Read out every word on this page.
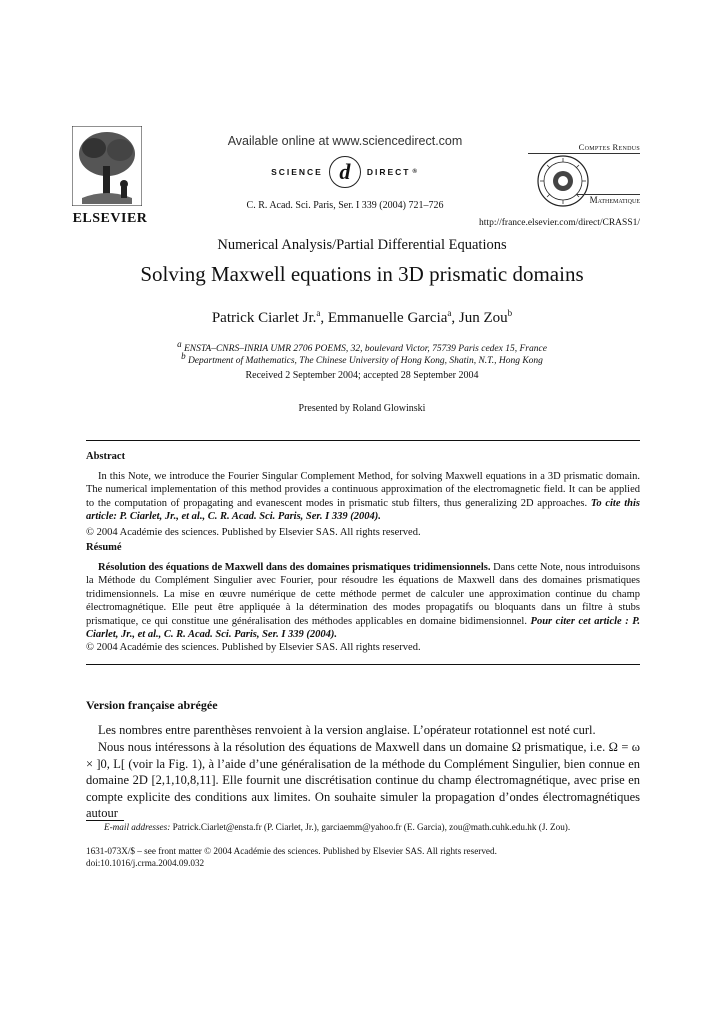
ELSEVIER
Available online at www.sciencedirect.com
SCIENCE d DIRECT ®
C. R. Acad. Sci. Paris, Ser. I 339 (2004) 721–726
Comptes Rendus
Mathematique
http://france.elsevier.com/direct/CRASS1/
Numerical Analysis/Partial Differential Equations
Solving Maxwell equations in 3D prismatic domains
Patrick Ciarlet Jr.$^a$, Emmanuelle Garcia$^a$, Jun Zou$^b$
$^a$ ENSTA–CNRS–INRIA UMR 2706 POEMS, 32, boulevard Victor, 75739 Paris cedex 15, France
$^b$ Department of Mathematics, The Chinese University of Hong Kong, Shatin, N.T., Hong Kong
Received 2 September 2004; accepted 28 September 2004
Presented by Roland Glowinski
Abstract
In this Note, we introduce the Fourier Singular Complement Method, for solving Maxwell equations in a 3D prismatic domain. The numerical implementation of this method provides a continuous approximation of the electromagnetic field. It can be applied to the computation of propagating and evanescent modes in prismatic stub filters, thus generalizing 2D approaches. To cite this article: P. Ciarlet, Jr., et al., C. R. Acad. Sci. Paris, Ser. I 339 (2004).
© 2004 Académie des sciences. Published by Elsevier SAS. All rights reserved.
Résumé
Résolution des équations de Maxwell dans des domaines prismatiques tridimensionnels. Dans cette Note, nous introduisons la Méthode du Complément Singulier avec Fourier, pour résoudre les équations de Maxwell dans des domaines prismatiques tridimensionnels. La mise en œuvre numérique de cette méthode permet de calculer une approximation continue du champ électromagnétique. Elle peut être appliquée à la détermination des modes propagatifs ou bloquants dans un filtre à stubs prismatique, ce qui constitue une généralisation des méthodes applicables en domaine bidimensionnel. Pour citer cet article : P. Ciarlet, Jr., et al., C. R. Acad. Sci. Paris, Ser. I 339 (2004).
© 2004 Académie des sciences. Published by Elsevier SAS. All rights reserved.
Version française abrégée
Les nombres entre parenthèses renvoient à la version anglaise. L’opérateur rotationnel est noté curl.
Nous nous intéressons à la résolution des équations de Maxwell dans un domaine Ω prismatique, i.e. Ω = ω × ]0, L[ (voir la Fig. 1), à l’aide d’une généralisation de la méthode du Complément Singulier, bien connue en domaine 2D [2,1,10,8,11]. Elle fournit une discrétisation continue du champ électromagnétique, avec prise en compte explicite des conditions aux limites. On souhaite simuler la propagation d’ondes électromagnétiques autour
E-mail addresses: Patrick.Ciarlet@ensta.fr (P. Ciarlet, Jr.), garciaemm@yahoo.fr (E. Garcia), zou@math.cuhk.edu.hk (J. Zou).
1631-073X/$ – see front matter © 2004 Académie des sciences. Published by Elsevier SAS. All rights reserved.
doi:10.1016/j.crma.2004.09.032
